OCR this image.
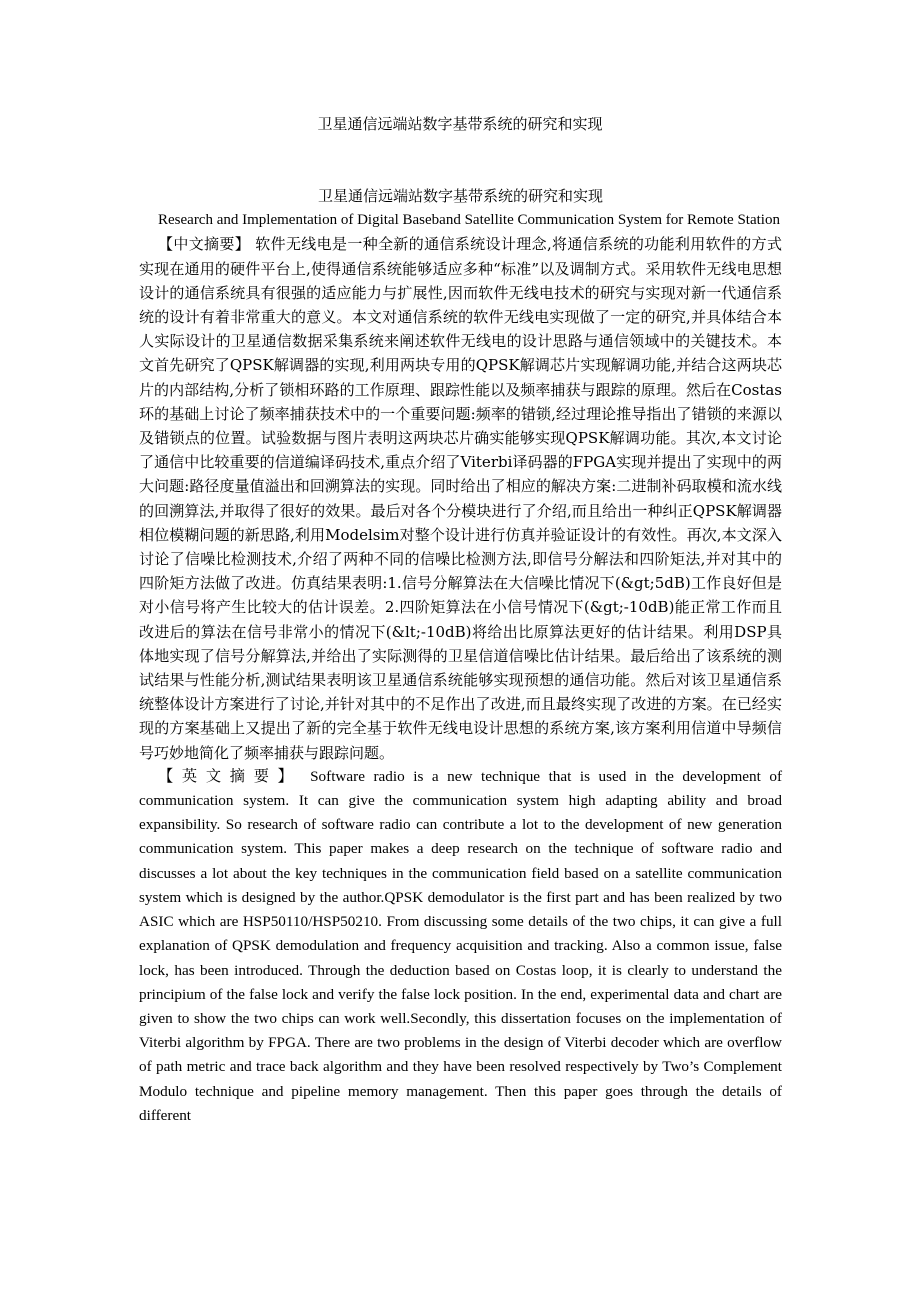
卫星通信远端站数字基带系统的研究和实现
卫星通信远端站数字基带系统的研究和实现

Research and Implementation of Digital Baseband Satellite Communication System for Remote Station

【中文摘要】 软件无线电是一种全新的通信系统设计理念,将通信系统的功能利用软件的方式实现在通用的硬件平台上,使得通信系统能够适应多种“标准”以及调制方式。采用软件无线电思想设计的通信系统具有很强的适应能力与扩展性,因而软件无线电技术的研究与实现对新一代通信系统的设计有着非常重大的意义。本文对通信系统的软件无线电实现做了一定的研究,并具体结合本人实际设计的卫星通信数据采集系统来阐述软件无线电的设计思路与通信领域中的关键技术。本文首先研究了QPSK解调器的实现,利用两块专用的QPSK解调芯片实现解调功能,并结合这两块芯片的内部结构,分析了锁相环路的工作原理、跟踪性能以及频率捕获与跟踪的原理。然后在Costas环的基础上讨论了频率捕获技术中的一个重要问题:频率的错锁,经过理论推导指出了错锁的来源以及错锁点的位置。试验数据与图片表明这两块芯片确实能够实现QPSK解调功能。其次,本文讨论了通信中比较重要的信道编译码技术,重点介绍了Viterbi译码器的FPGA实现并提出了实现中的两大问题:路径度量值溢出和回溯算法的实现。同时给出了相应的解决方案:二进制补码取模和流水线的回溯算法,并取得了很好的效果。最后对各个分模块进行了介绍,而且给出一种纠正QPSK解调器相位模糊问题的新思路,利用Modelsim对整个设计进行仿真并验证设计的有效性。再次,本文深入讨论了信噪比检测技术,介绍了两种不同的信噪比检测方法,即信号分解法和四阶矩法,并对其中的四阶矩方法做了改进。仿真结果表明:1.信号分解算法在大信噪比情况下(&gt;5dB)工作良好但是对小信号将产生比较大的估计误差。2.四阶矩算法在小信号情况下(&gt;-10dB)能正常工作而且改进后的算法在信号非常小的情况下(&lt;-10dB)将给出比原算法更好的估计结果。利用DSP具体地实现了信号分解算法,并给出了实际测得的卫星信道信噪比估计结果。最后给出了该系统的测试结果与性能分析,测试结果表明该卫星通信系统能够实现预想的通信功能。然后对该卫星通信系统整体设计方案进行了讨论,并针对其中的不足作出了改进,而且最终实现了改进的方案。在已经实现的方案基础上又提出了新的完全基于软件无线电设计思想的系统方案,该方案利用信道中导频信号巧妙地简化了频率捕获与跟踪问题。

【英文摘要】 Software radio is a new technique that is used in the development of communication system. It can give the communication system high adapting ability and broad expansibility. So research of software radio can contribute a lot to the development of new generation communication system. This paper makes a deep research on the technique of software radio and discusses a lot about the key techniques in the communication field based on a satellite communication system which is designed by the author.QPSK demodulator is the first part and has been realized by two ASIC which are HSP50110/HSP50210. From discussing some details of the two chips, it can give a full explanation of QPSK demodulation and frequency acquisition and tracking. Also a common issue, false lock, has been introduced. Through the deduction based on Costas loop, it is clearly to understand the principium of the false lock and verify the false lock position. In the end, experimental data and chart are given to show the two chips can work well.Secondly, this dissertation focuses on the implementation of Viterbi algorithm by FPGA. There are two problems in the design of Viterbi decoder which are overflow of path metric and trace back algorithm and they have been resolved respectively by Two’s Complement Modulo technique and pipeline memory management. Then this paper goes through the details of different
